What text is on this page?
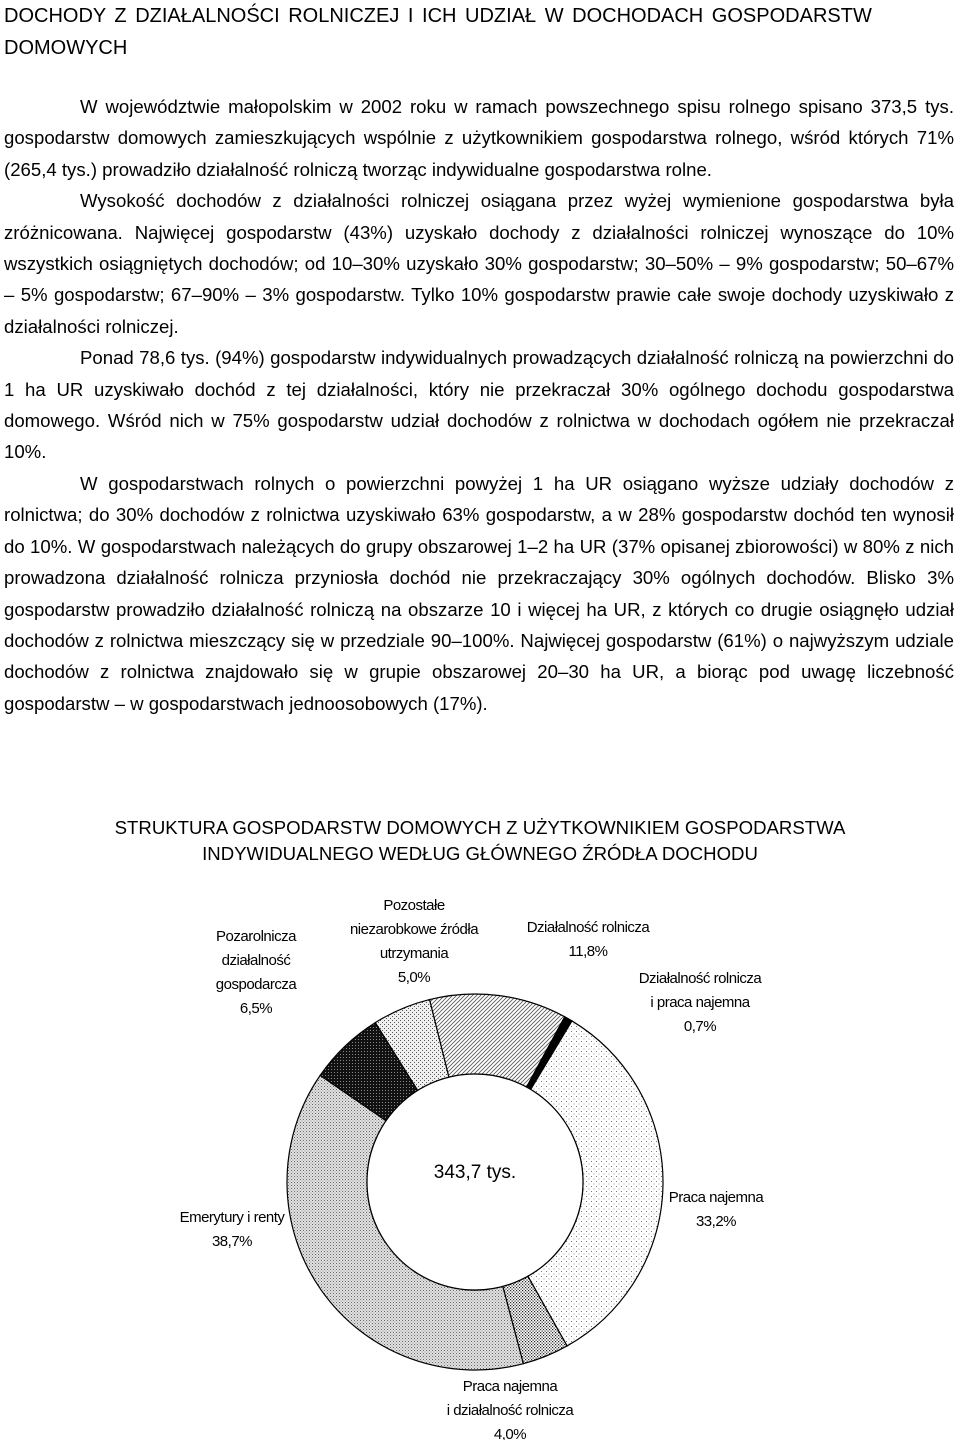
DOCHODY Z DZIAŁALNOŚCI ROLNICZEJ I ICH UDZIAŁ W DOCHODACH GOSPODARSTW DOMOWYCH

W województwie małopolskim w 2002 roku w ramach powszechnego spisu rolnego spisano 373,5 tys. gospodarstw domowych zamieszkujących wspólnie z użytkownikiem gospodarstwa rolnego, wśród których 71% (265,4 tys.) prowadziło działalność rolniczą tworząc indywidualne gospodarstwa rolne.

Wysokość dochodów z działalności rolniczej osiągana przez wyżej wymienione gospodarstwa była zróżnicowana. Najwięcej gospodarstw (43%) uzyskało dochody z działalności rolniczej wynoszące do 10% wszystkich osiągniętych dochodów; od 10–30% uzyskało 30% gospodarstw; 30–50% – 9% gospodarstw; 50–67% – 5% gospodarstw; 67–90% – 3% gospodarstw. Tylko 10% gospodarstw prawie całe swoje dochody uzyskiwało z działalności rolniczej.

Ponad 78,6 tys. (94%) gospodarstw indywidualnych prowadzących działalność rolniczą na powierzchni do 1 ha UR uzyskiwało dochód z tej działalności, który nie przekraczał 30% ogólnego dochodu gospodarstwa domowego. Wśród nich w 75% gospodarstw udział dochodów z rolnictwa w dochodach ogółem nie przekraczał 10%.

W gospodarstwach rolnych o powierzchni powyżej 1 ha UR osiągano wyższe udziały dochodów z rolnictwa; do 30% dochodów z rolnictwa uzyskiwało 63% gospodarstw, a w 28% gospodarstw dochód ten wynosił do 10%. W gospodarstwach należących do grupy obszarowej 1–2 ha UR (37% opisanej zbiorowości) w 80% z nich prowadzona działalność rolnicza przyniosła dochód nie przekraczający 30% ogólnych dochodów. Blisko 3% gospodarstw prowadziło działalność rolniczą na obszarze 10 i więcej ha UR, z których co drugie osiągnęło udział dochodów z rolnictwa mieszczący się w przedziale 90–100%. Najwięcej gospodarstw (61%) o najwyższym udziale dochodów z rolnictwa znajdowało się w grupie obszarowej 20–30 ha UR, a biorąc pod uwagę liczebność gospodarstw – w gospodarstwach jednoosobowych (17%).

STRUKTURA GOSPODARSTW DOMOWYCH Z UŻYTKOWNIKIEM GOSPODARSTWA
INDYWIDUALNEGO WEDŁUG GŁÓWNEGO ŹRÓDŁA DOCHODU
Działalność rolnicza 11,8%
Działalność rolnicza i praca najemna 0,7%
Praca najemna 33,2%
Praca najemna i działalność rolnicza 4,0%
Emerytury i renty 38,7%
Pozarolnicza działalność gospodarcza 6,5%
Pozostałe niezarobkowe źródła utrzymania 5,0%
343,7 tys.
